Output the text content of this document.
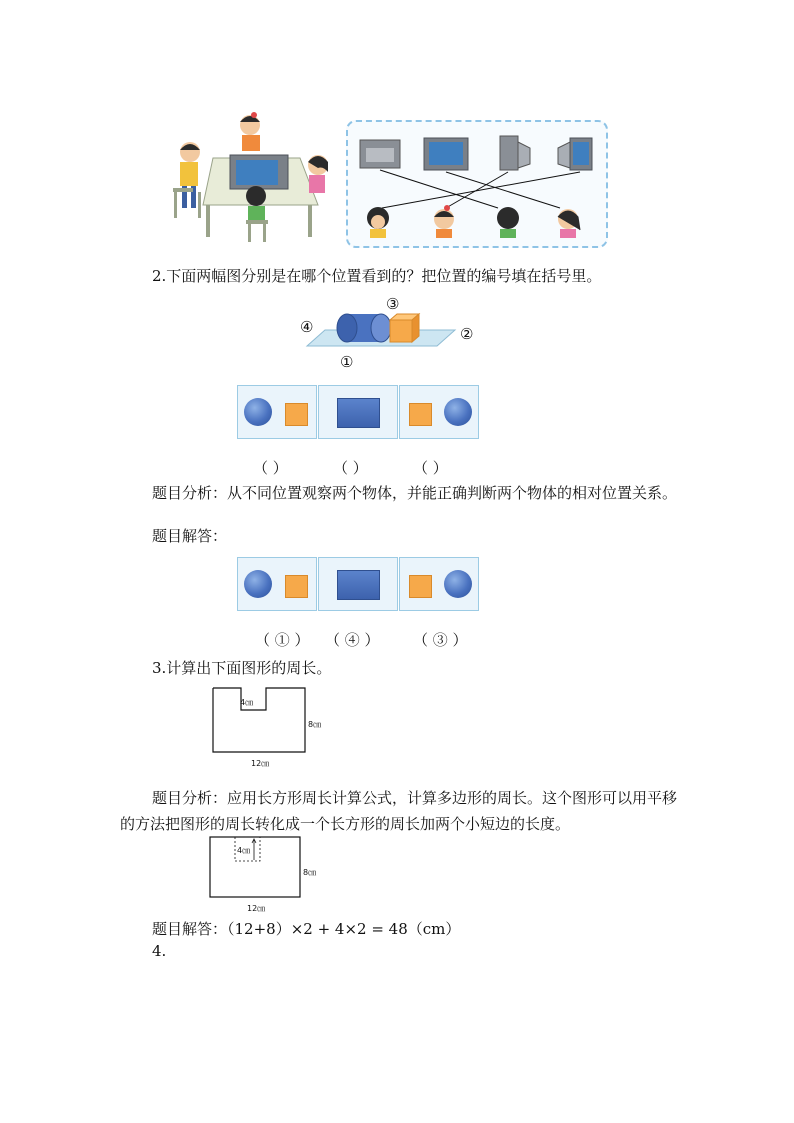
2.下面两幅图分别是在哪个位置看到的？把位置的编号填在括号里。
④
③
②
①
（ ）	（ ）	（ ）
题目分析：从不同位置观察两个物体，并能正确判断两个物体的相对位置关系。
题目解答：
（ ① ） （ ④ ） （ ③ ）
3.计算出下面图形的周长。
4㎝
8㎝
12㎝
题目分析：应用长方形周长计算公式，计算多边形的周长。这个图形可以用平移的方法把图形的周长转化成一个长方形的周长加两个小短边的长度。
4㎝
8㎝
12㎝
题目解答：（12+8）×2 + 4×2 = 48（cm）
4.
